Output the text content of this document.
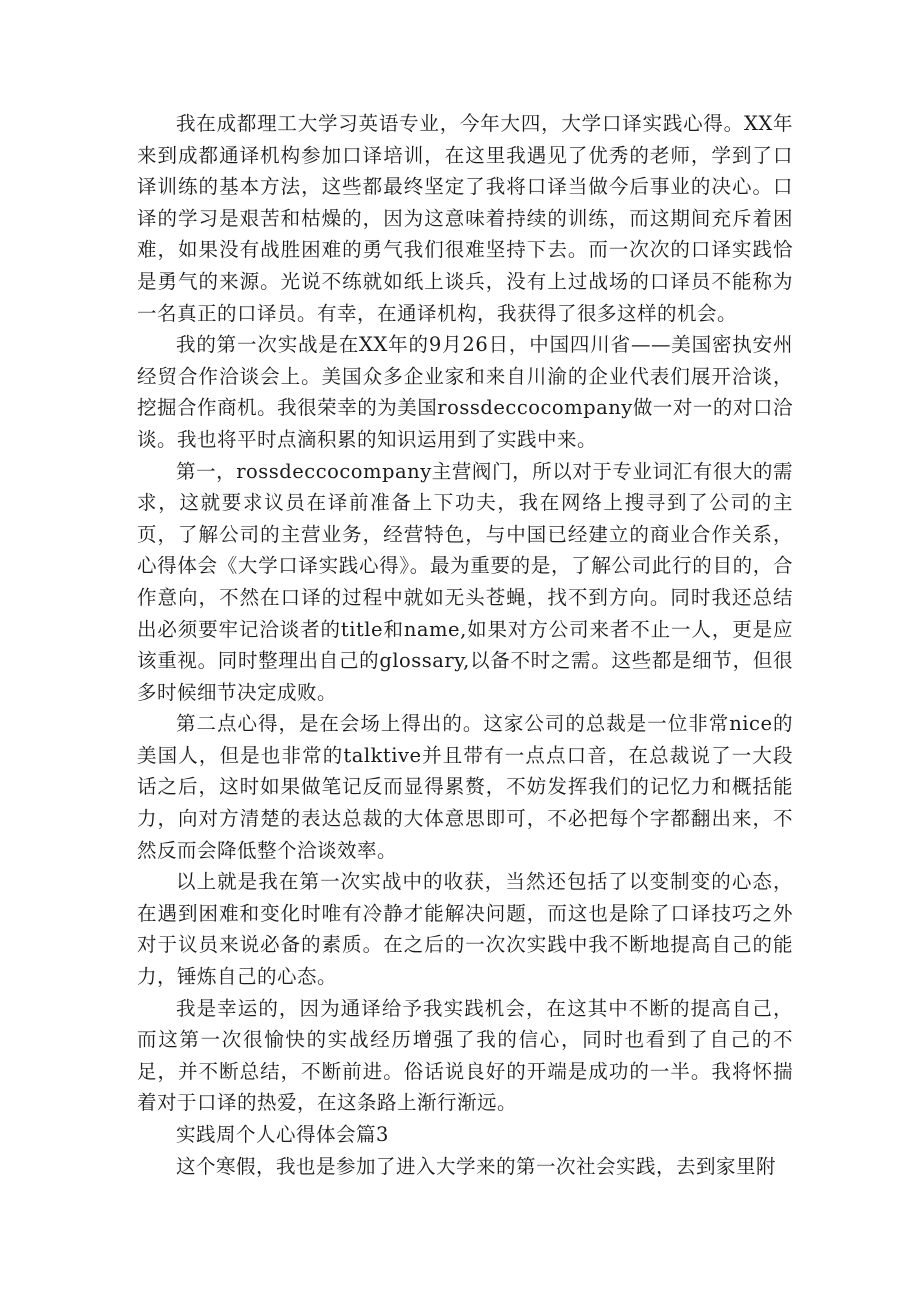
我在成都理工大学习英语专业，今年大四，大学口译实践心得。XX年来到成都通译机构参加口译培训，在这里我遇见了优秀的老师，学到了口译训练的基本方法，这些都最终坚定了我将口译当做今后事业的决心。口译的学习是艰苦和枯燥的，因为这意味着持续的训练，而这期间充斥着困难，如果没有战胜困难的勇气我们很难坚持下去。而一次次的口译实践恰是勇气的来源。光说不练就如纸上谈兵，没有上过战场的口译员不能称为一名真正的口译员。有幸，在通译机构，我获得了很多这样的机会。

我的第一次实战是在XX年的9月26日，中国四川省——美国密执安州经贸合作洽谈会上。美国众多企业家和来自川渝的企业代表们展开洽谈，挖掘合作商机。我很荣幸的为美国rossdeccocompany做一对一的对口洽谈。我也将平时点滴积累的知识运用到了实践中来。

第一，rossdeccocompany主营阀门，所以对于专业词汇有很大的需求，这就要求议员在译前准备上下功夫，我在网络上搜寻到了公司的主页，了解公司的主营业务，经营特色，与中国已经建立的商业合作关系，心得体会《大学口译实践心得》。最为重要的是，了解公司此行的目的，合作意向，不然在口译的过程中就如无头苍蝇，找不到方向。同时我还总结出必须要牢记洽谈者的title和name,如果对方公司来者不止一人，更是应该重视。同时整理出自己的glossary,以备不时之需。这些都是细节，但很多时候细节决定成败。

第二点心得，是在会场上得出的。这家公司的总裁是一位非常nice的美国人，但是也非常的talktive并且带有一点点口音，在总裁说了一大段话之后，这时如果做笔记反而显得累赘，不妨发挥我们的记忆力和概括能力，向对方清楚的表达总裁的大体意思即可，不必把每个字都翻出来，不然反而会降低整个洽谈效率。

以上就是我在第一次实战中的收获，当然还包括了以变制变的心态，在遇到困难和变化时唯有冷静才能解决问题，而这也是除了口译技巧之外对于议员来说必备的素质。在之后的一次次实践中我不断地提高自己的能力，锤炼自己的心态。

我是幸运的，因为通译给予我实践机会，在这其中不断的提高自己，而这第一次很愉快的实战经历增强了我的信心，同时也看到了自己的不足，并不断总结，不断前进。俗话说良好的开端是成功的一半。我将怀揣着对于口译的热爱，在这条路上渐行渐远。

实践周个人心得体会篇3

这个寒假，我也是参加了进入大学来的第一次社会实践，去到家里附
